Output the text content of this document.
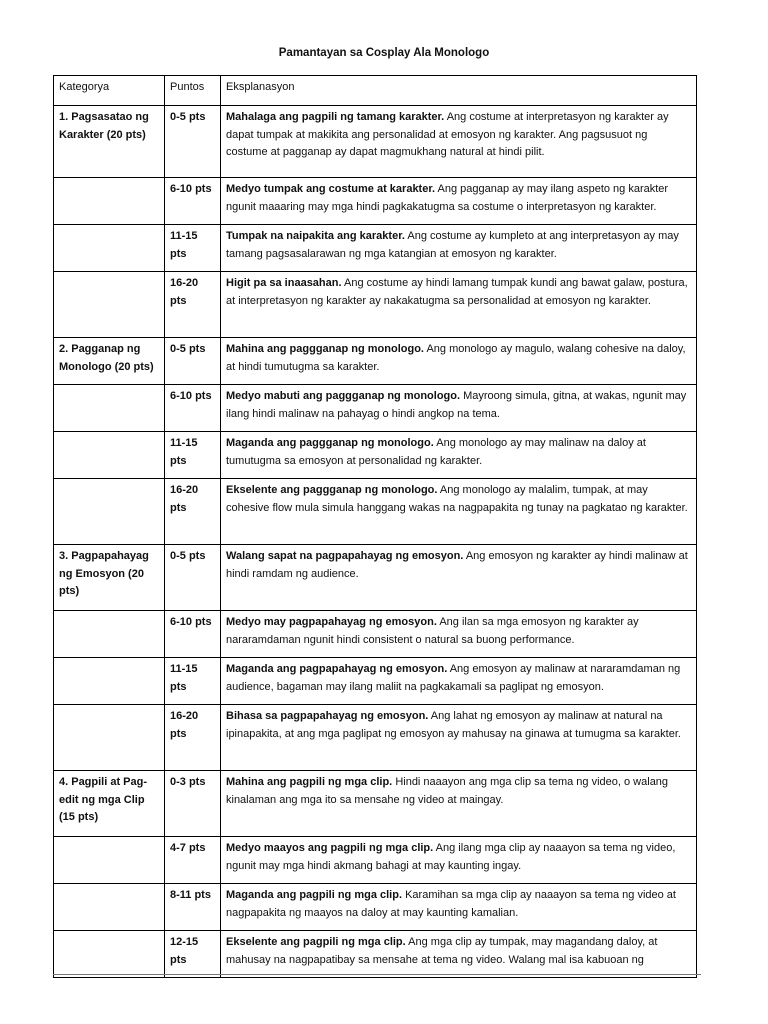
Pamantayan sa Cosplay Ala Monologo
Kategorya	Puntos	Eksplanasyon
1. Pagsasatao ng Karakter (20 pts)	0-5 pts	Mahalaga ang pagpili ng tamang karakter. Ang costume at interpretasyon ng karakter ay dapat tumpak at makikita ang personalidad at emosyon ng karakter. Ang pagsusuot ng costume at pagganap ay dapat magmukhang natural at hindi pilit.
	6-10 pts	Medyo tumpak ang costume at karakter. Ang pagganap ay may ilang aspeto ng karakter ngunit maaaring may mga hindi pagkakatugma sa costume o interpretasyon ng karakter.
	11-15 pts	Tumpak na naipakita ang karakter. Ang costume ay kumpleto at ang interpretasyon ay may tamang pagsasalarawan ng mga katangian at emosyon ng karakter.
	16-20 pts	Higit pa sa inaasahan. Ang costume ay hindi lamang tumpak kundi ang bawat galaw, postura, at interpretasyon ng karakter ay nakakatugma sa personalidad at emosyon ng karakter.
2. Pagganap ng Monologo (20 pts)	0-5 pts	Mahina ang paggganap ng monologo. Ang monologo ay magulo, walang cohesive na daloy, at hindi tumutugma sa karakter.
	6-10 pts	Medyo mabuti ang paggganap ng monologo. Mayroong simula, gitna, at wakas, ngunit may ilang hindi malinaw na pahayag o hindi angkop na tema.
	11-15 pts	Maganda ang paggganap ng monologo. Ang monologo ay may malinaw na daloy at tumutugma sa emosyon at personalidad ng karakter.
	16-20 pts	Ekselente ang paggganap ng monologo. Ang monologo ay malalim, tumpak, at may cohesive flow mula simula hanggang wakas na nagpapakita ng tunay na pagkatao ng karakter.
3. Pagpapahayag ng Emosyon (20 pts)	0-5 pts	Walang sapat na pagpapahayag ng emosyon. Ang emosyon ng karakter ay hindi malinaw at hindi ramdam ng audience.
	6-10 pts	Medyo may pagpapahayag ng emosyon. Ang ilan sa mga emosyon ng karakter ay nararamdaman ngunit hindi consistent o natural sa buong performance.
	11-15 pts	Maganda ang pagpapahayag ng emosyon. Ang emosyon ay malinaw at nararamdaman ng audience, bagaman may ilang maliit na pagkakamali sa paglipat ng emosyon.
	16-20 pts	Bihasa sa pagpapahayag ng emosyon. Ang lahat ng emosyon ay malinaw at natural na ipinapakita, at ang mga paglipat ng emosyon ay mahusay na ginawa at tumugma sa karakter.
4. Pagpili at Pag-edit ng mga Clip (15 pts)	0-3 pts	Mahina ang pagpili ng mga clip. Hindi naaayon ang mga clip sa tema ng video, o walang kinalaman ang mga ito sa mensahe ng video at maingay.
	4-7 pts	Medyo maayos ang pagpili ng mga clip. Ang ilang mga clip ay naaayon sa tema ng video, ngunit may mga hindi akmang bahagi at may kaunting ingay.
	8-11 pts	Maganda ang pagpili ng mga clip. Karamihan sa mga clip ay naaayon sa tema ng video at nagpapakita ng maayos na daloy at may kaunting kamalian.
	12-15 pts	Ekselente ang pagpili ng mga clip. Ang mga clip ay tumpak, may magandang daloy, at mahusay na nagpapatibay sa mensahe at tema ng video. Walang mal isa kabuoan ng
